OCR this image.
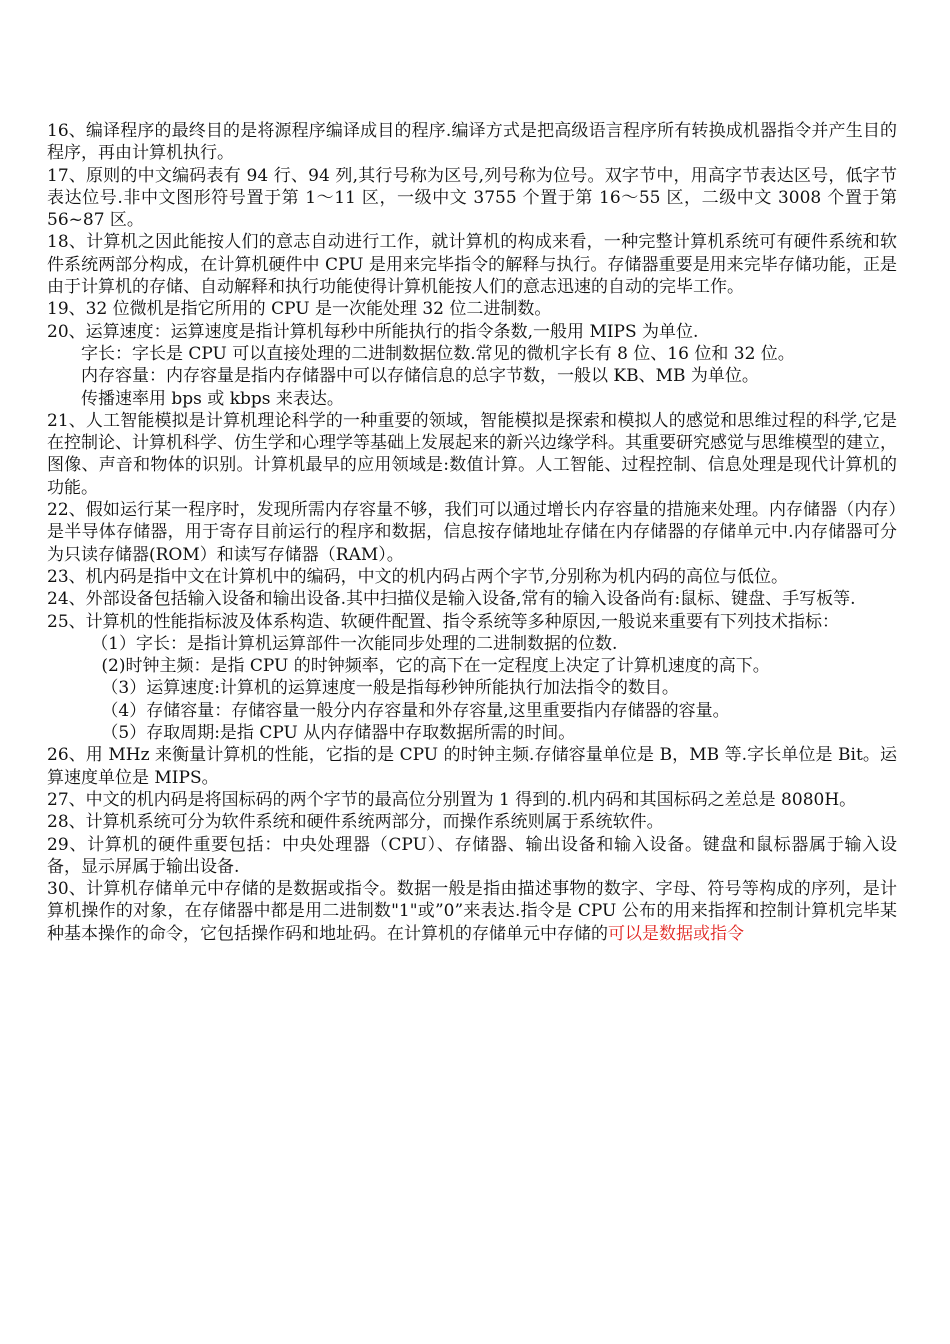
16、编译程序的最终目的是将源程序编译成目的程序.编译方式是把高级语言程序所有转换成机器指令并产生目的程序，再由计算机执行。

17、原则的中文编码表有 94 行、94 列,其行号称为区号,列号称为位号。双字节中，用高字节表达区号，低字节表达位号.非中文图形符号置于第 1～11 区，一级中文 3755 个置于第 16～55 区，二级中文 3008 个置于第 56~87 区。

18、计算机之因此能按人们的意志自动进行工作，就计算机的构成来看，一种完整计算机系统可有硬件系统和软件系统两部分构成，在计算机硬件中 CPU 是用来完毕指令的解释与执行。存储器重要是用来完毕存储功能，正是由于计算机的存储、自动解释和执行功能使得计算机能按人们的意志迅速的自动的完毕工作。

19、32 位微机是指它所用的 CPU 是一次能处理 32 位二进制数。

20、运算速度：运算速度是指计算机每秒中所能执行的指令条数,一般用 MIPS 为单位.

字长：字长是 CPU 可以直接处理的二进制数据位数.常见的微机字长有 8 位、16 位和 32 位。

内存容量：内存容量是指内存储器中可以存储信息的总字节数，一般以 KB、MB 为单位。

传播速率用 bps 或 kbps 来表达。

21、人工智能模拟是计算机理论科学的一种重要的领域，智能模拟是探索和模拟人的感觉和思维过程的科学,它是在控制论、计算机科学、仿生学和心理学等基础上发展起来的新兴边缘学科。其重要研究感觉与思维模型的建立，图像、声音和物体的识别。计算机最早的应用领域是:数值计算。人工智能、过程控制、信息处理是现代计算机的功能。

22、假如运行某一程序时，发现所需内存容量不够，我们可以通过增长内存容量的措施来处理。内存储器（内存）是半导体存储器，用于寄存目前运行的程序和数据，信息按存储地址存储在内存储器的存储单元中.内存储器可分为只读存储器(ROM）和读写存储器（RAM）。

23、机内码是指中文在计算机中的编码，中文的机内码占两个字节,分别称为机内码的高位与低位。

24、外部设备包括输入设备和输出设备.其中扫描仪是输入设备,常有的输入设备尚有:鼠标、键盘、手写板等.

25、计算机的性能指标波及体系构造、软硬件配置、指令系统等多种原因,一般说来重要有下列技术指标：

（1）字长：是指计算机运算部件一次能同步处理的二进制数据的位数.

(2)时钟主频：是指 CPU 的时钟频率，它的高下在一定程度上决定了计算机速度的高下。

（3）运算速度:计算机的运算速度一般是指每秒钟所能执行加法指令的数目。

（4）存储容量：存储容量一般分内存容量和外存容量,这里重要指内存储器的容量。

（5）存取周期:是指 CPU 从内存储器中存取数据所需的时间。

26、用 MHz 来衡量计算机的性能，它指的是 CPU 的时钟主频.存储容量单位是 B，MB 等.字长单位是 Bit。运算速度单位是 MIPS。

27、中文的机内码是将国标码的两个字节的最高位分别置为 1 得到的.机内码和其国标码之差总是 8080H。

28、计算机系统可分为软件系统和硬件系统两部分，而操作系统则属于系统软件。

29、计算机的硬件重要包括：中央处理器（CPU）、存储器、输出设备和输入设备。键盘和鼠标器属于输入设备，显示屏属于输出设备.

30、计算机存储单元中存储的是数据或指令。数据一般是指由描述事物的数字、字母、符号等构成的序列，是计算机操作的对象，在存储器中都是用二进制数"1"或”0”来表达.指令是 CPU 公布的用来指挥和控制计算机完毕某种基本操作的命令，它包括操作码和地址码。在计算机的存储单元中存储的可以是数据或指令
